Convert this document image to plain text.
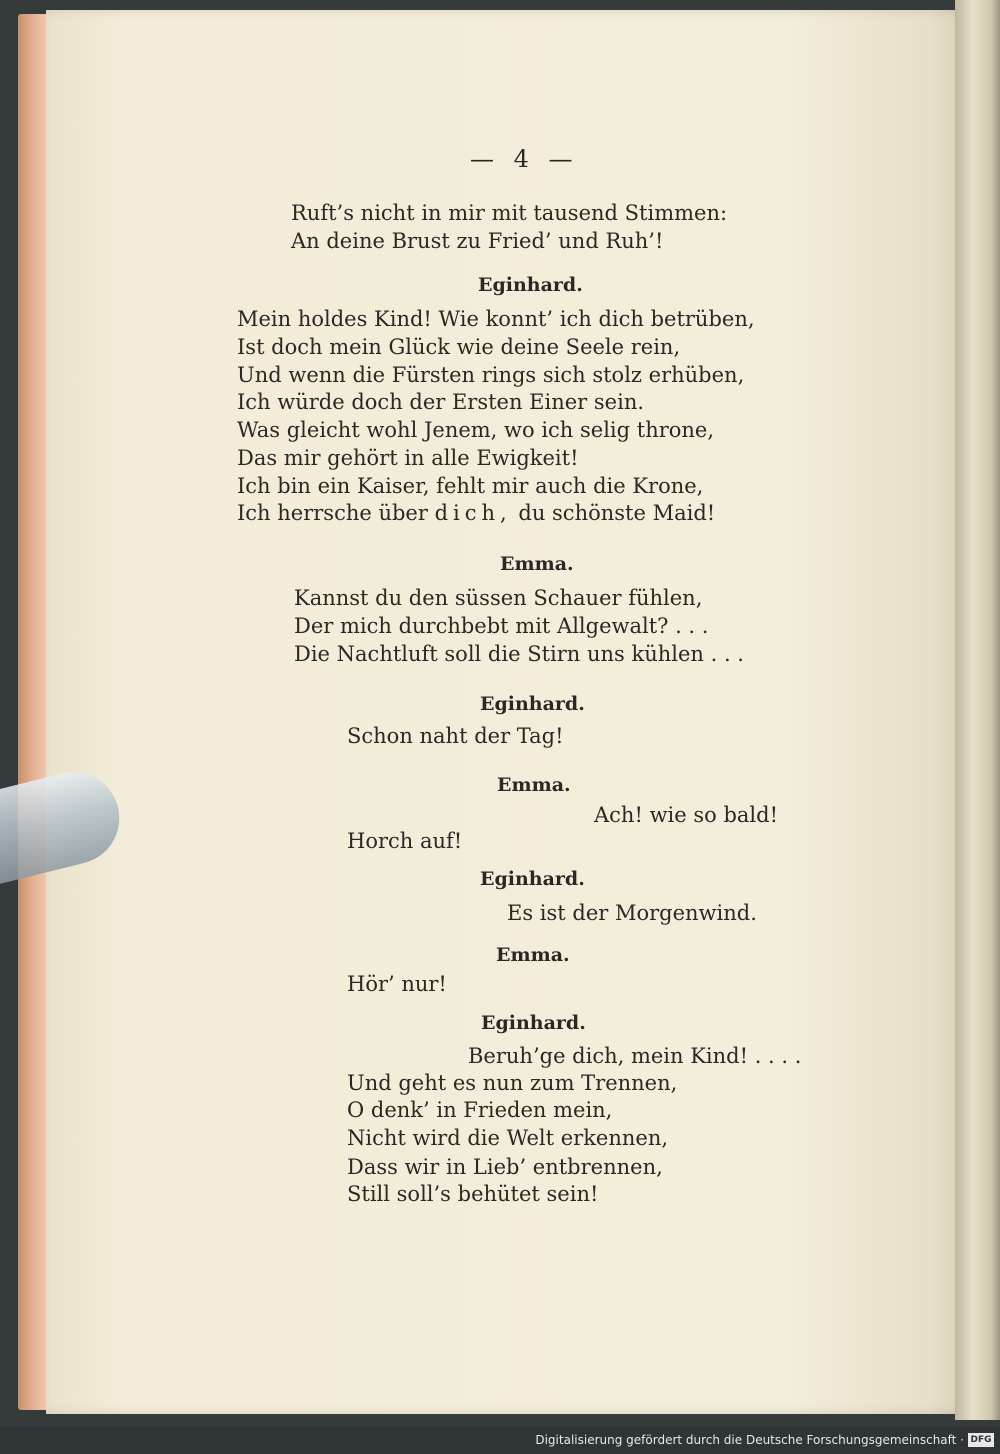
— 4 —
Ruft’s nicht in mir mit tausend Stimmen:
An deine Brust zu Fried’ und Ruh’!
Eginhard.
Mein holdes Kind! Wie konnt’ ich dich betrüben,
Ist doch mein Glück wie deine Seele rein,
Und wenn die Fürsten rings sich stolz erhüben,
Ich würde doch der Ersten Einer sein.
Was gleicht wohl Jenem, wo ich selig throne,
Das mir gehört in alle Ewigkeit!
Ich bin ein Kaiser, fehlt mir auch die Krone,
Ich herrsche über dich, du schönste Maid!
Emma.
Kannst du den süssen Schauer fühlen,
Der mich durchbebt mit Allgewalt? . . .
Die Nachtluft soll die Stirn uns kühlen . . .
Eginhard.
Schon naht der Tag!
Emma.
Ach! wie so bald!
Horch auf!
Eginhard.
Es ist der Morgenwind.
Emma.
Hör’ nur!
Eginhard.
Beruh’ge dich, mein Kind! . . . .
Und geht es nun zum Trennen,
O denk’ in Frieden mein,
Nicht wird die Welt erkennen,
Dass wir in Lieb’ entbrennen,
Still soll’s behütet sein!
Digitalisierung gefördert durch die Deutsche Forschungsgemeinschaft · DFG
